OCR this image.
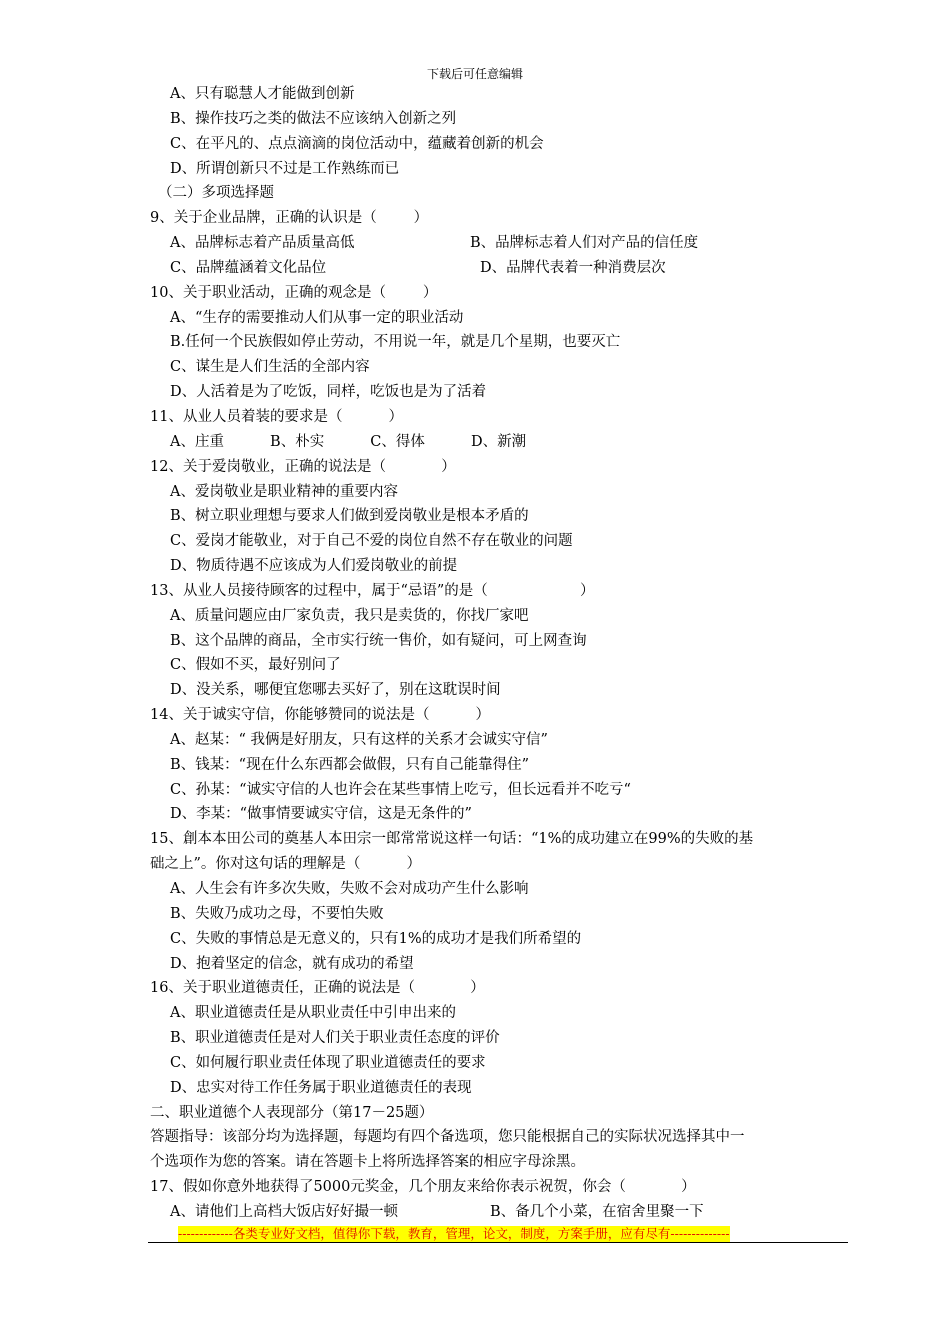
下载后可任意编辑
A、只有聪慧人才能做到创新
B、操作技巧之类的做法不应该纳入创新之列
C、在平凡的、点点滴滴的岗位活动中，蕴藏着创新的机会
D、所谓创新只不过是工作熟练而已
（二）多项选择题
9、关于企业品牌，正确的认识是（        ）
A、品牌标志着产品质量高低	B、品牌标志着人们对产品的信任度
C、品牌蕴涵着文化品位	D、品牌代表着一种消费层次
10、关于职业活动，正确的观念是（        ）
A、“生存的需要推动人们从事一定的职业活动
B.任何一个民族假如停止劳动，不用说一年，就是几个星期，也要灭亡
C、谋生是人们生活的全部内容
D、人活着是为了吃饭，同样，吃饭也是为了活着
11、从业人员着装的要求是（          ）
A、庄重          B、朴实          C、得体          D、新潮
12、关于爱岗敬业，正确的说法是（            ）
A、爱岗敬业是职业精神的重要内容
B、树立职业理想与要求人们做到爱岗敬业是根本矛盾的
C、爱岗才能敬业，对于自己不爱的岗位自然不存在敬业的问题
D、物质待遇不应该成为人们爱岗敬业的前提
13、从业人员接待顾客的过程中，属于“忌语”的是（                    ）
A、质量问题应由厂家负责，我只是卖货的，你找厂家吧
B、这个品牌的商品，全市实行统一售价，如有疑问，可上网查询
C、假如不买，最好别问了
D、没关系，哪便宜您哪去买好了，别在这耽误时间
14、关于诚实守信，你能够赞同的说法是（          ）
A、赵某：“ 我俩是好朋友，只有这样的关系才会诚实守信”
B、钱某：“现在什么东西都会做假，只有自己能靠得住”
C、孙某：“诚实守信的人也许会在某些事情上吃亏，但长远看并不吃亏“
D、李某：“做事情要诚实守信，这是无条件的”
15、創本本田公司的奠基人本田宗一郎常常说这样一句话：“1%的成功建立在99%的失败的基
础之上”。你对这句话的理解是（          ）
A、人生会有许多次失败，失败不会对成功产生什么影响
B、失败乃成功之母，不要怕失败
C、失败的事情总是无意义的，只有1%的成功才是我们所希望的
D、抱着坚定的信念，就有成功的希望
16、关于职业道德责任，正确的说法是（            ）
A、职业道德责任是从职业责任中引申出来的
B、职业道德责任是对人们关于职业责任态度的评价
C、如何履行职业责任体现了职业道德责任的要求
D、忠实对待工作任务属于职业道德责任的表现
二、职业道德个人表现部分（第17－25题）
答题指导：该部分均为选择题，每题均有四个备选项，您只能根据自己的实际状况选择其中一
个选项作为您的答案。请在答题卡上将所选择答案的相应字母涂黑。
17、假如你意外地获得了5000元奖金，几个朋友来给你表示祝贺，你会（            ）
A、请他们上高档大饭店好好撮一顿	B、备几个小菜，在宿舍里聚一下
-------------各类专业好文档，值得你下载，教育，管理，论文，制度，方案手册，应有尽有--------------
